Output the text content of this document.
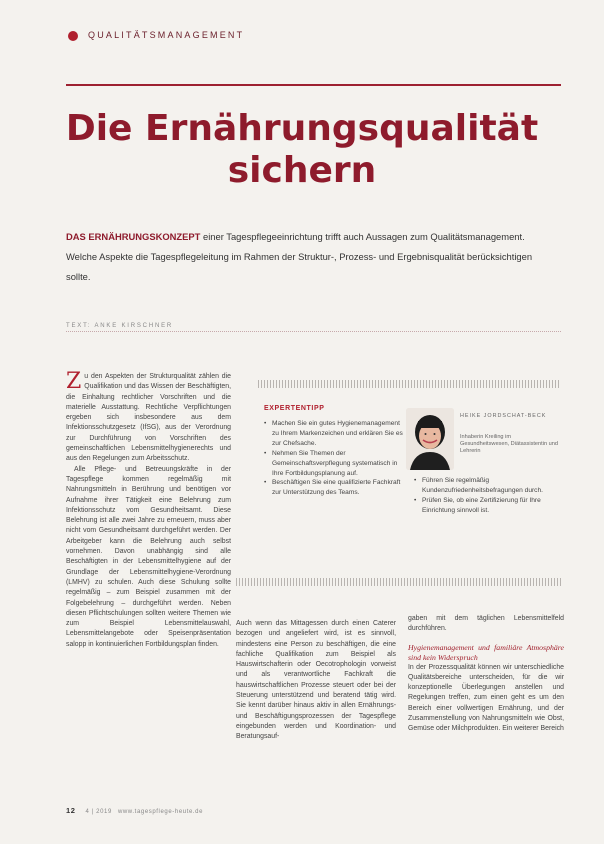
QUALITÄTSMANAGEMENT
Die Ernährungsqualität sichern
DAS ERNÄHRUNGSKONZEPT einer Tagespflegeeinrichtung trifft auch Aussagen zum Qualitätsmanagement. Welche Aspekte die Tagespflegeleitung im Rahmen der Struktur-, Prozess- und Ergebnisqualität berücksichtigen sollte.
TEXT: ANKE KIRSCHNER

Zu den Aspekten der Strukturqualität zählen die Qualifikation und das Wissen der Beschäftigten, die Einhaltung rechtlicher Vorschriften und die materielle Ausstattung. Rechtliche Verpflichtungen ergeben sich insbesondere aus dem Infektionsschutzgesetz (IfSG), aus der Verordnung zur Durchführung von Vorschriften des gemeinschaftlichen Lebensmittelhygienerechts und aus den Regelungen zum Arbeitsschutz.

Alle Pflege- und Betreuungskräfte in der Tagespflege kommen regelmäßig mit Nahrungsmitteln in Berührung und benötigen vor Aufnahme ihrer Tätigkeit eine Belehrung zum Infektionsschutz vom Gesundheitsamt. Diese Belehrung ist alle zwei Jahre zu erneuern, muss aber nicht vom Gesundheitsamt durchgeführt werden. Der Arbeitgeber kann die Belehrung auch selbst vornehmen. Davon unabhängig sind alle Beschäftigten in der Lebensmittelhygiene auf der Grundlage der Lebensmittelhygiene-Verordnung (LMHV) zu schulen. Auch diese Schulung sollte regelmäßig – zum Beispiel zusammen mit der Folgebelehrung – durchgeführt werden. Neben diesen Pflichtschulungen sollten weitere Themen wie zum Beispiel Lebensmittelauswahl, Lebensmittelangebote oder Speisenpräsentation salopp in kontinuierlichen Fortbildungsplan finden.

EXPERTENTIPP
• Machen Sie ein gutes Hygienemanagement zu Ihrem Markenzeichen und erklären Sie es zur Chefsache.
• Nehmen Sie Themen der Gemeinschaftsverpflegung systematisch in Ihre Fortbildungsplanung auf.
• Beschäftigen Sie eine qualifizierte Fachkraft zur Unterstützung des Teams.
HEIKE JORDSCHAT-BECK
Inhaberin Kreiling im Gesundheitswesen, Diätassistentin und Lehrerin
• Führen Sie regelmäßig Kundenzufriedenheitsbefragungen durch.
• Prüfen Sie, ob eine Zertifizierung für Ihre Einrichtung sinnvoll ist.
Auch wenn das Mittagessen durch einen Caterer bezogen und angeliefert wird, ist es sinnvoll, mindestens eine Person zu beschäftigen, die eine fachliche Qualifikation zum Beispiel als Hauswirtschafterin oder Oecotrophologin vorweist und als verantwortliche Fachkraft die hauswirtschaftlichen Prozesse steuert oder bei der Steuerung unterstützend und beratend tätig wird. Sie kennt darüber hinaus aktiv in allen Ernährungs- und Beschäftigungsprozessen der Tagespflege eingebunden werden und Koordination- und Beratungsauf-

gaben mit dem täglichen Lebensmittelfeld durchführen.

Hygienemanagement und familiäre Atmosphäre sind kein Widerspruch

In der Prozessqualität können wir unterschiedliche Qualitätsbereiche unterscheiden, für die wir konzeptionelle Überlegungen anstellen und Regelungen treffen, zum einen geht es um den Bereich einer vollwertigen Ernährung, und der Zusammenstellung von Nahrungsmitteln wie Obst, Gemüse oder Milchprodukten. Ein weiterer Bereich

12 4 | 2019 www.tagespflege-heute.de
